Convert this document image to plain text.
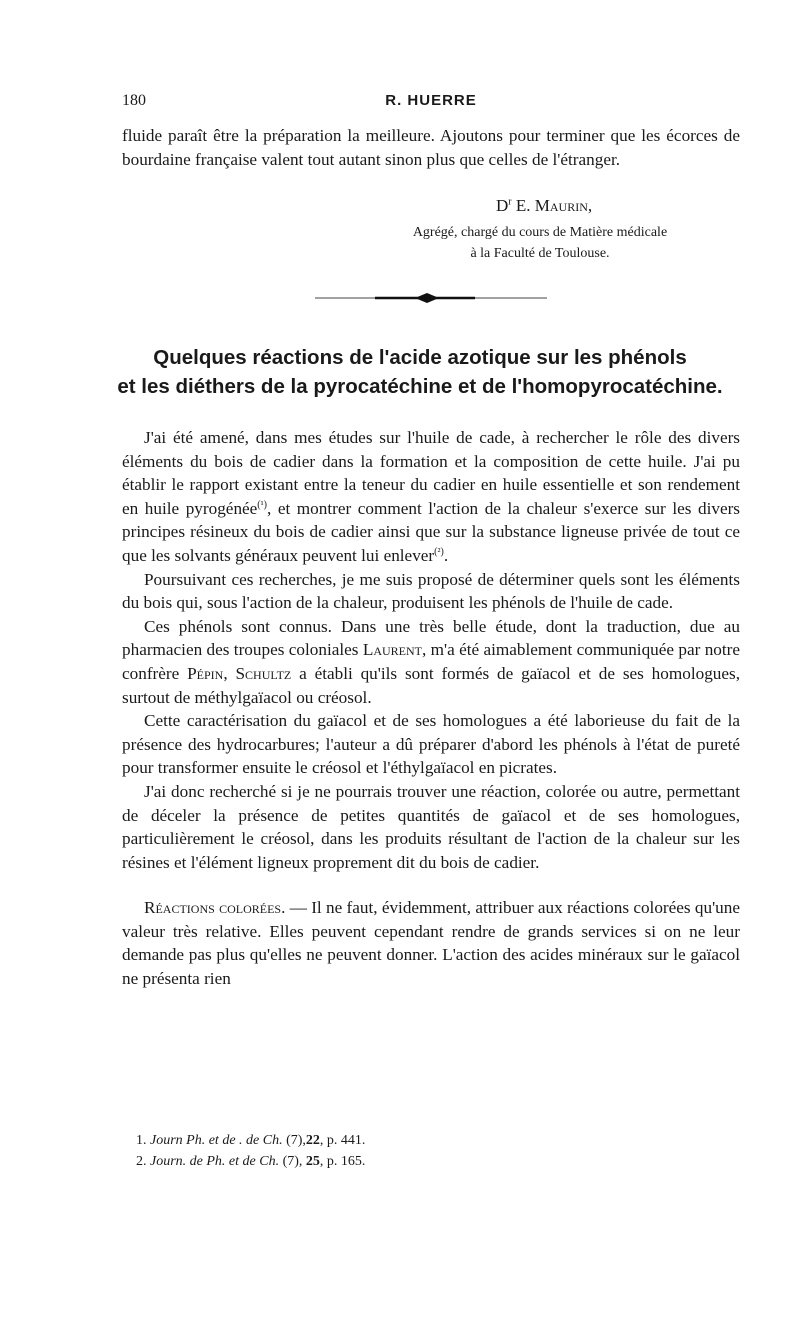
180	R. HUERRE

fluide paraît être la préparation la meilleure. Ajoutons pour terminer que les écorces de bourdaine française valent tout autant sinon plus que celles de l'étranger.

$D^r$ E. Maurin,
Agrégé, chargé du cours de Matière médicale
à la Faculté de Toulouse.
Quelques réactions de l'acide azotique sur les phénols
et les diéthers de la pyrocatéchine et de l'homopyrocatéchine.

J'ai été amené, dans mes études sur l'huile de cade, à rechercher le rôle des divers éléments du bois de cadier dans la formation et la composition de cette huile. J'ai pu établir le rapport existant entre la teneur du cadier en huile essentielle et son rendement en huile pyrogénée$^{(^1)}$, et montrer comment l'action de la chaleur s'exerce sur les divers principes résineux du bois de cadier ainsi que sur la substance ligneuse privée de tout ce que les solvants généraux peuvent lui enlever$^{(^2)}$.

Poursuivant ces recherches, je me suis proposé de déterminer quels sont les éléments du bois qui, sous l'action de la chaleur, produisent les phénols de l'huile de cade.

Ces phénols sont connus. Dans une très belle étude, dont la traduction, due au pharmacien des troupes coloniales Laurent, m'a été aimablement communiquée par notre confrère Pépin, Schultz a établi qu'ils sont formés de gaïacol et de ses homologues, surtout de méthylgaïacol ou créosol.

Cette caractérisation du gaïacol et de ses homologues a été laborieuse du fait de la présence des hydrocarbures; l'auteur a dû préparer d'abord les phénols à l'état de pureté pour transformer ensuite le créosol et l'éthylgaïacol en picrates.

J'ai donc recherché si je ne pourrais trouver une réaction, colorée ou autre, permettant de déceler la présence de petites quantités de gaïacol et de ses homologues, particulièrement le créosol, dans les produits résultant de l'action de la chaleur sur les résines et l'élément ligneux proprement dit du bois de cadier.

Réactions colorées. — Il ne faut, évidemment, attribuer aux réactions colorées qu'une valeur très relative. Elles peuvent cependant rendre de grands services si on ne leur demande pas plus qu'elles ne peuvent donner. L'action des acides minéraux sur le gaïacol ne présenta rien

1. Journ Ph. et de . de Ch. (7),22, p. 441.
2. Journ. de Ph. et de Ch. (7), 25, p. 165.
